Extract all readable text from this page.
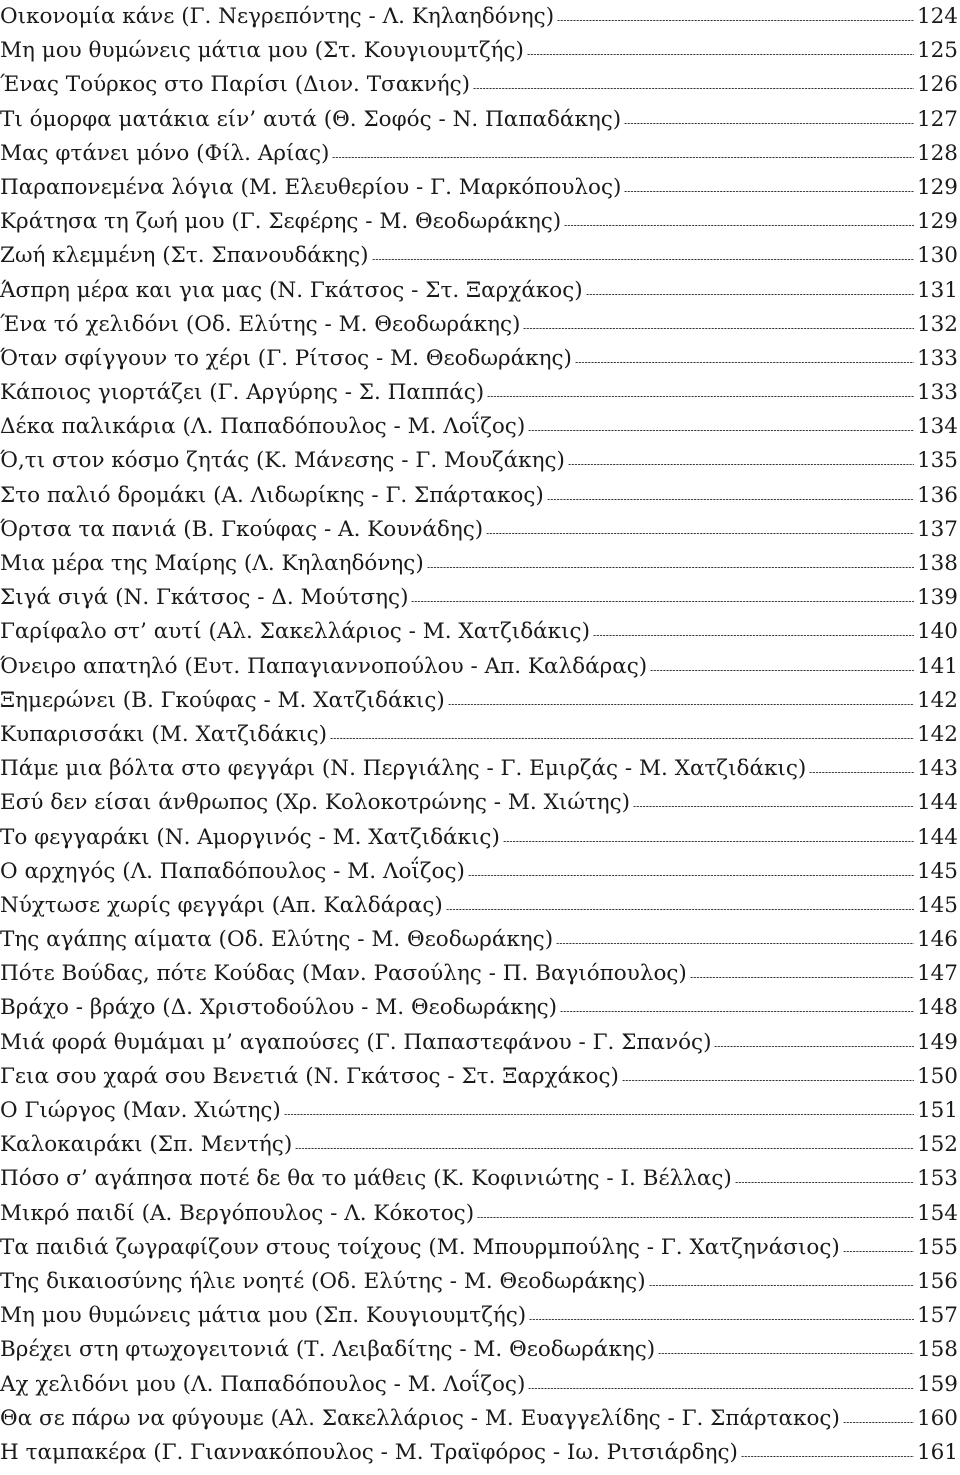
Οικονομία κάνε (Γ. Νεγρεπόντης - Λ. Κηλαηδόνης)	124
Μη μου θυμώνεις μάτια μου (Στ. Κουγιουμτζής)	125
Ένας Τούρκος στο Παρίσι (Διον. Τσακνής)	126
Τι όμορφα ματάκια είν’ αυτά (Θ. Σοφός - Ν. Παπαδάκης)	127
Μας φτάνει μόνο (Φίλ. Αρίας)	128
Παραπονεμένα λόγια (Μ. Ελευθερίου - Γ. Μαρκόπουλος)	129
Κράτησα τη ζωή μου (Γ. Σεφέρης - Μ. Θεοδωράκης)	129
Ζωή κλεμμένη (Στ. Σπανουδάκης)	130
Άσπρη μέρα και για μας (Ν. Γκάτσος - Στ. Ξαρχάκος)	131
Ένα τό χελιδόνι (Οδ. Ελύτης - Μ. Θεοδωράκης)	132
Όταν σφίγγουν το χέρι (Γ. Ρίτσος - Μ. Θεοδωράκης)	133
Κάποιος γιορτάζει (Γ. Αργύρης - Σ. Παππάς)	133
Δέκα παλικάρια (Λ. Παπαδόπουλος - Μ. Λοΐζος)	134
Ό,τι στον κόσμο ζητάς (Κ. Μάνεσης - Γ. Μουζάκης)	135
Στο παλιό δρομάκι (Α. Λιδωρίκης - Γ. Σπάρτακος)	136
Όρτσα τα πανιά (Β. Γκούφας - Α. Κουνάδης)	137
Μια μέρα της Μαίρης (Λ. Κηλαηδόνης)	138
Σιγά σιγά (Ν. Γκάτσος - Δ. Μούτσης)	139
Γαρίφαλο στ’ αυτί (Αλ. Σακελλάριος - Μ. Χατζιδάκις)	140
Όνειρο απατηλό (Ευτ. Παπαγιαννοπούλου - Απ. Καλδάρας)	141
Ξημερώνει (Β. Γκούφας - Μ. Χατζιδάκις)	142
Κυπαρισσάκι (Μ. Χατζιδάκις)	142
Πάμε μια βόλτα στο φεγγάρι (Ν. Περγιάλης - Γ. Εμιρζάς - Μ. Χατζιδάκις)	143
Εσύ δεν είσαι άνθρωπος (Χρ. Κολοκοτρώνης - Μ. Χιώτης)	144
Το φεγγαράκι (Ν. Αμοργινός - Μ. Χατζιδάκις)	144
Ο αρχηγός (Λ. Παπαδόπουλος - Μ. Λοΐζος)	145
Νύχτωσε χωρίς φεγγάρι (Απ. Καλδάρας)	145
Της αγάπης αίματα (Οδ. Ελύτης - Μ. Θεοδωράκης)	146
Πότε Βούδας, πότε Κούδας (Μαν. Ρασούλης - Π. Βαγιόπουλος)	147
Βράχο - βράχο (Δ. Χριστοδούλου - Μ. Θεοδωράκης)	148
Μιά φορά θυμάμαι μ’ αγαπούσες (Γ. Παπαστεφάνου - Γ. Σπανός)	149
Γεια σου χαρά σου Βενετιά (Ν. Γκάτσος - Στ. Ξαρχάκος)	150
Ο Γιώργος (Μαν. Χιώτης)	151
Καλοκαιράκι (Σπ. Μεντής)	152
Πόσο σ’ αγάπησα ποτέ δε θα το μάθεις (Κ. Κοφινιώτης - Ι. Βέλλας)	153
Μικρό παιδί (Α. Βεργόπουλος - Λ. Κόκοτος)	154
Τα παιδιά ζωγραφίζουν στους τοίχους (Μ. Μπουρμπούλης - Γ. Χατζηνάσιος)	155
Της δικαιοσύνης ήλιε νοητέ (Οδ. Ελύτης - Μ. Θεοδωράκης)	156
Μη μου θυμώνεις μάτια μου (Σπ. Κουγιουμτζής)	157
Βρέχει στη φτωχογειτονιά (Τ. Λειβαδίτης - Μ. Θεοδωράκης)	158
Αχ χελιδόνι μου (Λ. Παπαδόπουλος - Μ. Λοΐζος)	159
Θα σε πάρω να φύγουμε (Αλ. Σακελλάριος - Μ. Ευαγγελίδης - Γ. Σπάρτακος)	160
Η ταμπακέρα (Γ. Γιαννακόπουλος - Μ. Τραϊφόρος - Ιω. Ριτσιάρδης)	161
